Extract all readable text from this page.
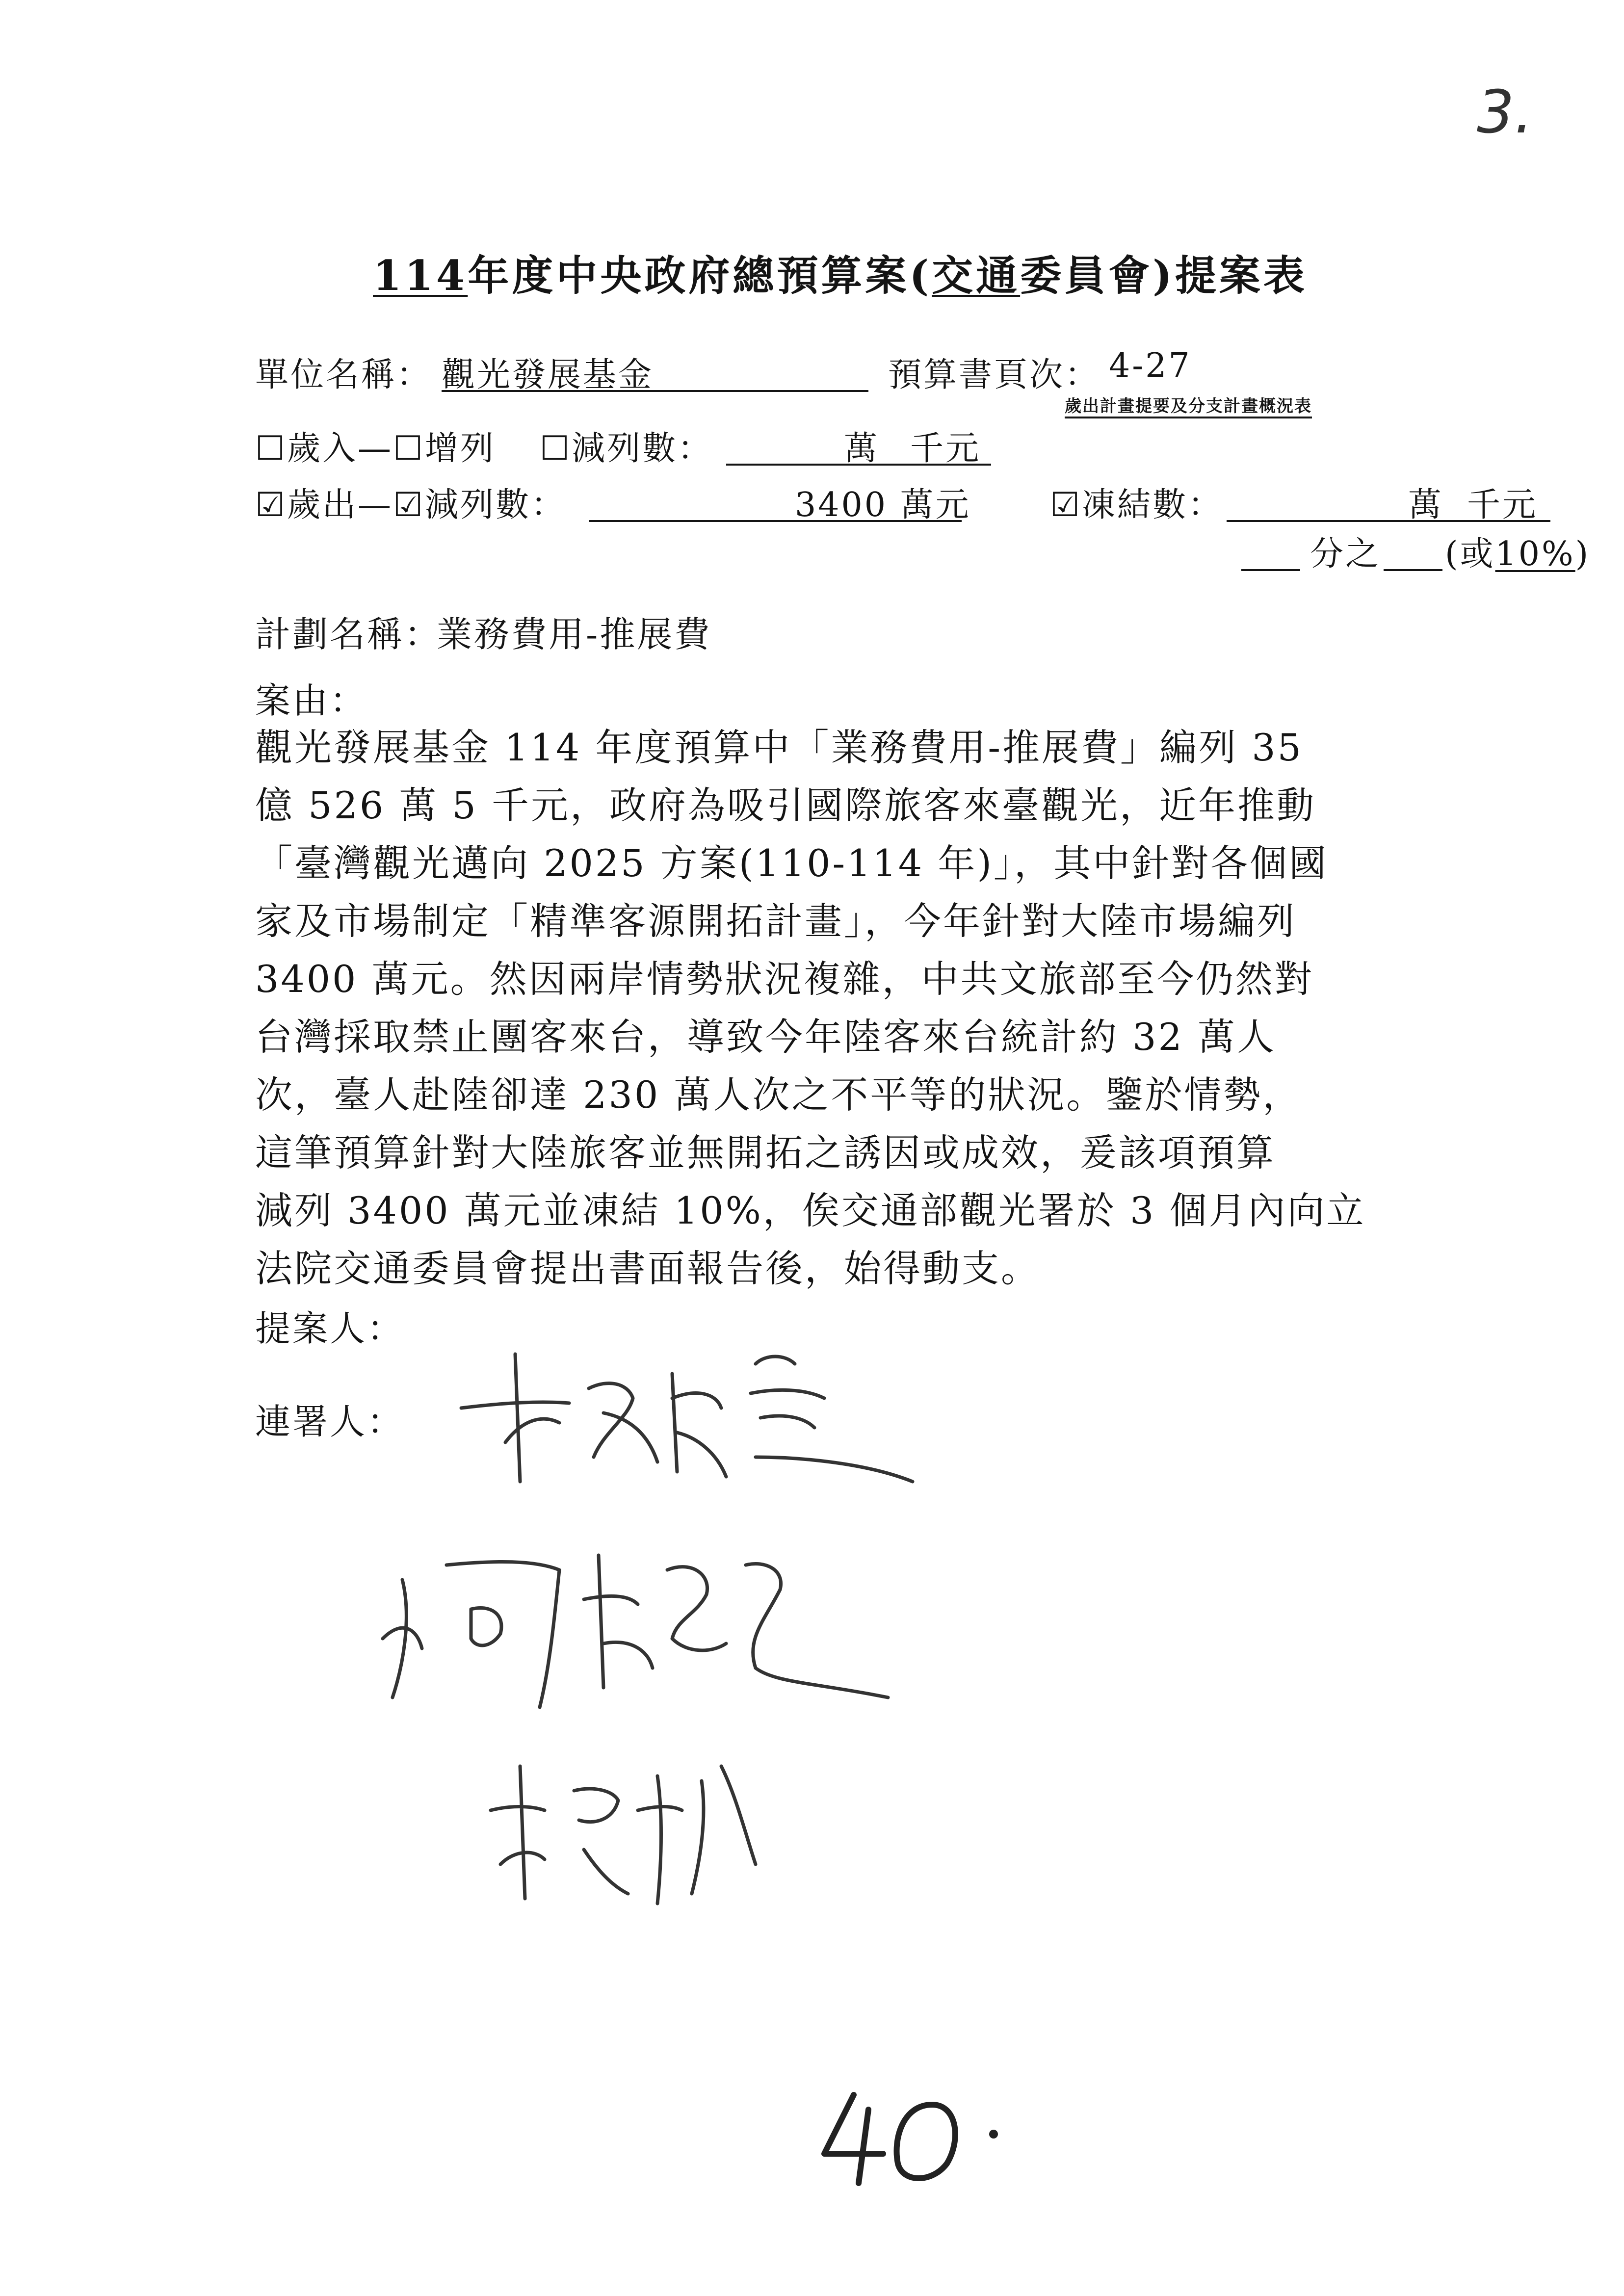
3.
114年度中央政府總預算案(交通委員會)提案表
單位名稱： 觀光發展基金	預算書頁次： 4-27
歲出計畫提要及分支計畫概況表
☐歲入—☐增列 ☐減列數：	萬 千元
☑歲出—☑減列數：	3400 萬元 ☑凍結數：	萬 千元
分之 (或10%)
計劃名稱：
業務費用-推展費
案由：
觀光發展基金 114 年度預算中「業務費用-推展費」編列 35
億 526 萬 5 千元，政府為吸引國際旅客來臺觀光，近年推動
「臺灣觀光邁向 2025 方案(110-114 年)」，其中針對各個國
家及市場制定「精準客源開拓計畫」，今年針對大陸市場編列
3400 萬元。然因兩岸情勢狀況複雜，中共文旅部至今仍然對
台灣採取禁止團客來台，導致今年陸客來台統計約 32 萬人
次，臺人赴陸卻達 230 萬人次之不平等的狀況。鑒於情勢，
這筆預算針對大陸旅客並無開拓之誘因或成效，爰該項預算
減列 3400 萬元並凍結 10%，俟交通部觀光署於 3 個月內向立
法院交通委員會提出書面報告後，始得動支。
提案人：
連署人：
